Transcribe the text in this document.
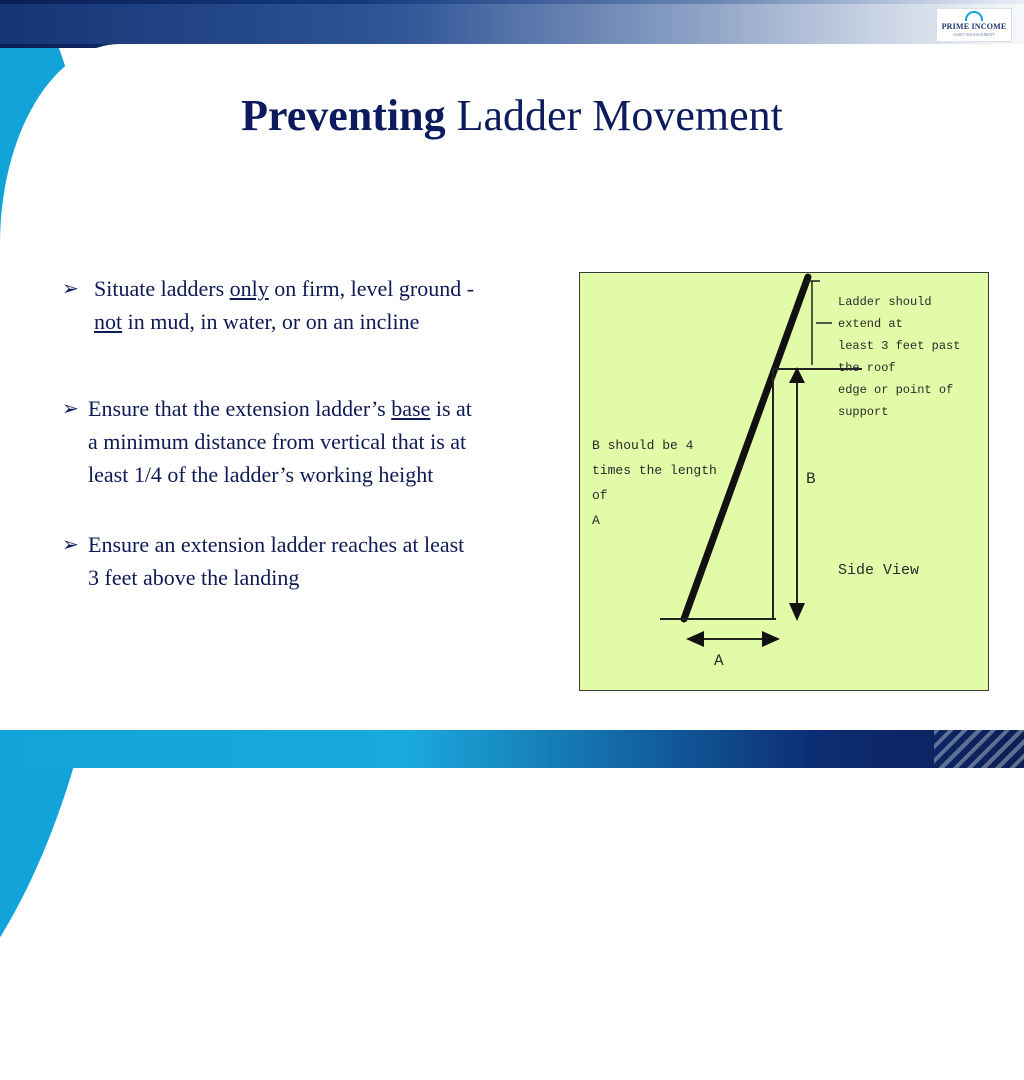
PRIME INCOME
ASSET MANAGEMENT
Preventing Ladder Movement
➢ Situate ladders only on firm, level ground -
not in mud, in water, or on an incline
➢ Ensure that the extension ladder’s base is at
a minimum distance from vertical that is at
least 1/4 of the ladder’s working height
➢ Ensure an extension ladder reaches at least
3 feet above the landing
Ladder should extend at
least 3 feet past the roof
edge or point of support
B should be 4
times the length of
A
B
A
Side View
